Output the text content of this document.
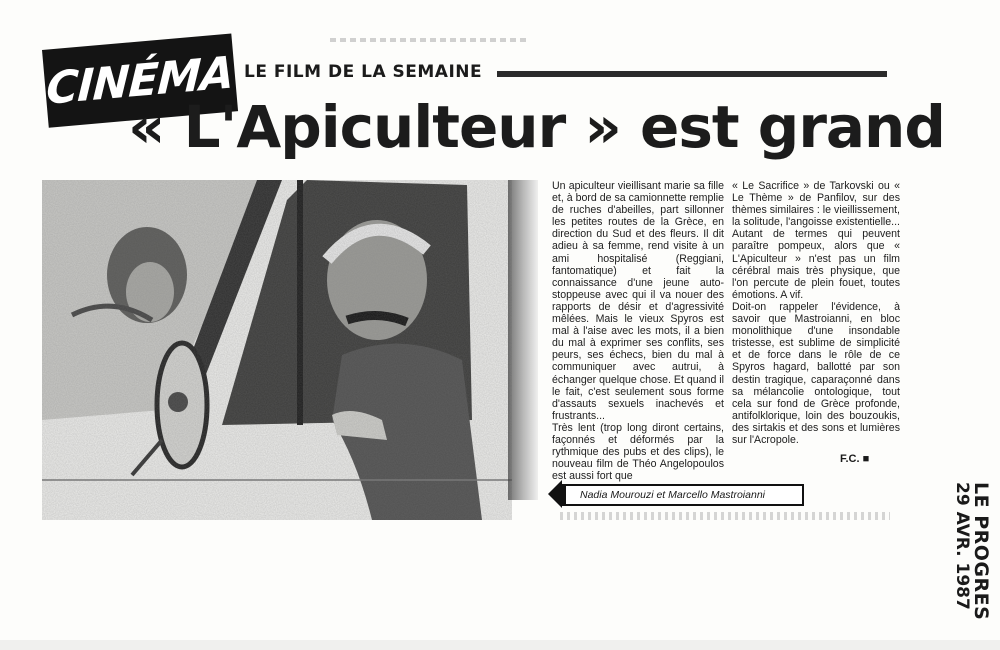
CINÉMA LE FILM DE LA SEMAINE
« L'Apiculteur » est grand

Un apiculteur vieillisant marie sa fille et, à bord de sa camionnette remplie de ruches d'abeilles, part sillonner les petites routes de la Grèce, en direction du Sud et des fleurs. Il dit adieu à sa femme, rend visite à un ami hospitalisé (Reggiani, fantomatique) et fait la connaissance d'une jeune auto-stoppeuse avec qui il va nouer des rapports de désir et d'agressivité mêlées. Mais le vieux Spyros est mal à l'aise avec les mots, il a bien du mal à exprimer ses conflits, ses peurs, ses échecs, bien du mal à communiquer avec autrui, à échanger quelque chose. Et quand il le fait, c'est seulement sous forme d'assauts sexuels inachevés et frustrants...

Très lent (trop long diront certains, façonnés et déformés par la rythmique des pubs et des clips), le nouveau film de Théo Angelopoulos est aussi fort que

« Le Sacrifice » de Tarkovski ou « Le Thème » de Panfilov, sur des thèmes similaires : le vieillissement, la solitude, l'angoisse existentielle... Autant de termes qui peuvent paraître pompeux, alors que « L'Apiculteur » n'est pas un film cérébral mais très physique, que l'on percute de plein fouet, toutes émotions. A vif.

Doit-on rappeler l'évidence, à savoir que Mastroianni, en bloc monolithique d'une insondable tristesse, est sublime de simplicité et de force dans le rôle de ce Spyros hagard, ballotté par son destin tragique, caparaçonné dans sa mélancolie ontologique, tout cela sur fond de Grèce profonde, antifolklorique, loin des bouzoukis, des sirtakis et des sons et lumières sur l'Acropole.

F.C. ■
Nadia Mourouzi et Marcello Mastroianni	LE PROGRES
29 AVR. 1987
